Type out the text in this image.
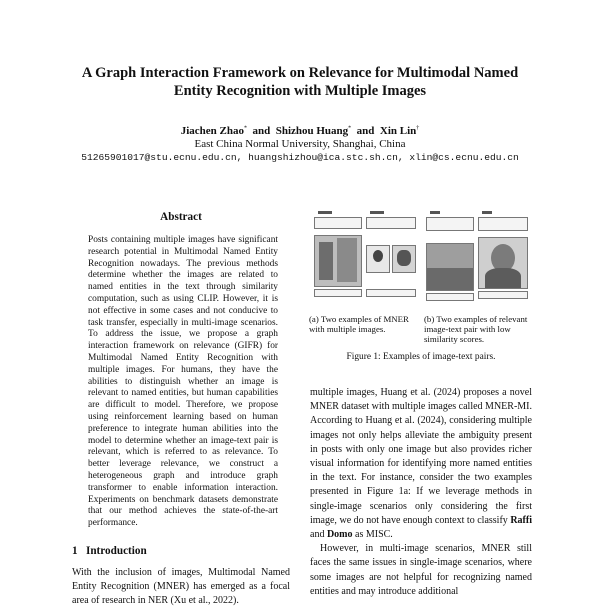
A Graph Interaction Framework on Relevance for Multimodal Named
Entity Recognition with Multiple Images
Jiachen Zhao*  and  Shizhou Huang*  and  Xin Lin†
East China Normal University, Shanghai, China
51265901017@stu.ecnu.edu.cn, huangshizhou@ica.stc.sh.cn, xlin@cs.ecnu.edu.cn
Abstract

Posts containing multiple images have significant research potential in Multimodal Named Entity Recognition nowadays. The previous methods determine whether the images are related to named entities in the text through similarity computation, such as using CLIP. However, it is not effective in some cases and not conducive to task transfer, especially in multi-image scenarios. To address the issue, we propose a graph interaction framework on relevance (GIFR) for Multimodal Named Entity Recognition with multiple images. For humans, they have the abilities to distinguish whether an image is relevant to named entities, but human capabilities are difficult to model. Therefore, we propose using reinforcement learning based on human preference to integrate human abilities into the model to determine whether an image-text pair is relevant, which is referred to as relevance. To better leverage relevance, we construct a heterogeneous graph and introduce graph transformer to enable information interaction. Experiments on benchmark datasets demonstrate that our method achieves the state-of-the-art performance.

1 Introduction
With the inclusion of images, Multimodal Named Entity Recognition (MNER) has emerged as a focal area of research in NER (Xu et al., 2022).
(a) Two examples of MNER with multiple images.
(b) Two examples of relevant image-text pair with low similarity scores.
Figure 1: Examples of image-text pairs.

multiple images, Huang et al. (2024) proposes a novel MNER dataset with multiple images called MNER-MI. According to Huang et al. (2024), considering multiple images not only helps alleviate the ambiguity present in posts with only one image but also provides richer visual information for identifying more named entities in the text. For instance, consider the two examples presented in Figure 1a: If we leverage methods in single-image scenarios only considering the first image, we do not have enough context to classify Raffi and Domo as MISC.

However, in multi-image scenarios, MNER still faces the same issues in single-image scenarios, where some images are not helpful for recognizing named entities and may introduce additional
